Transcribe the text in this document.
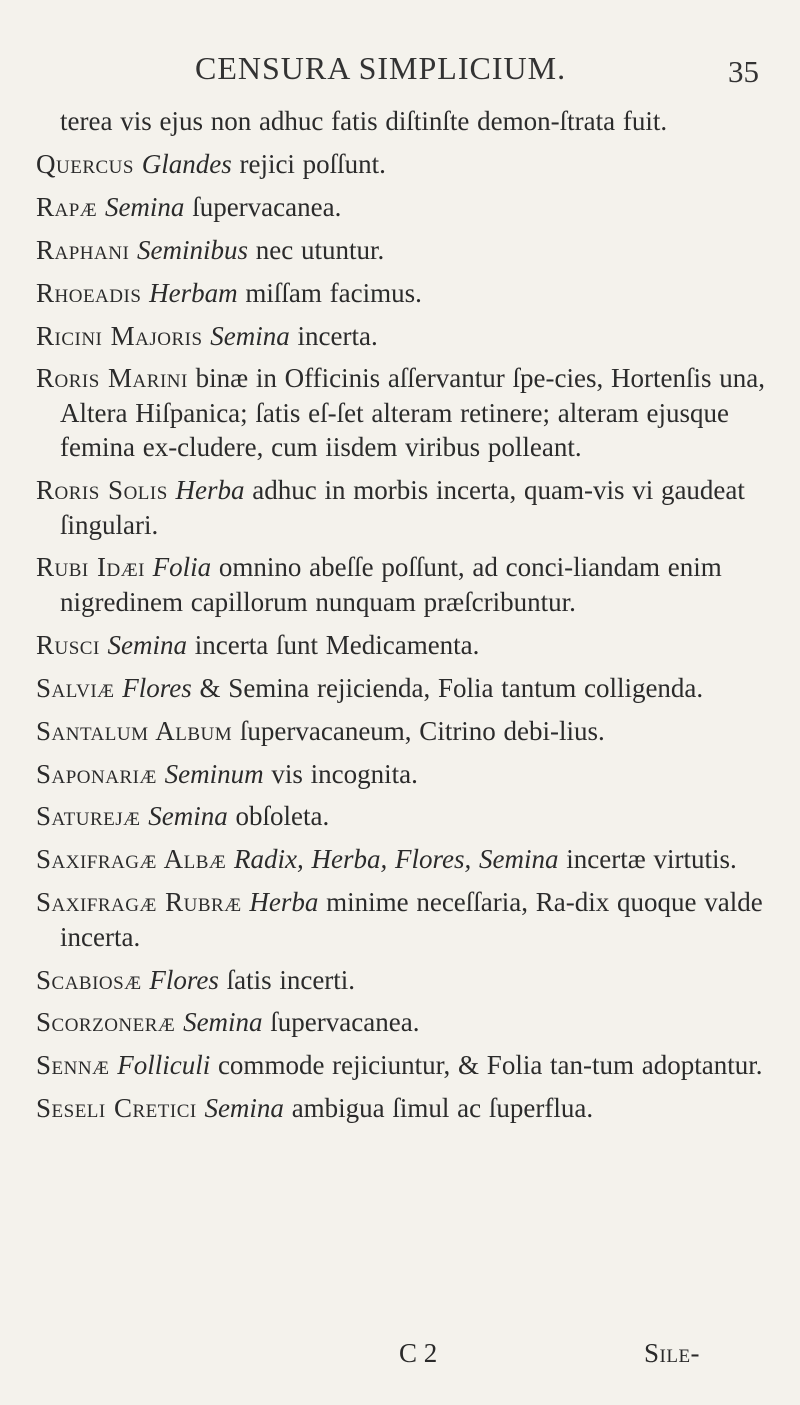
CENSURA SIMPLICIUM.	35
terea vis ejus non adhuc fatis diſtinſte demon-ſtrata fuit.
Quercus Glandes rejici poſſunt.
Rapæ Semina ſupervacanea.
Raphani Seminibus nec utuntur.
Rhoeadis Herbam miſſam facimus.
Ricini Majoris Semina incerta.
Roris Marini binæ in Officinis aſſervantur ſpe-cies, Hortenſis una, Altera Hiſpanica; ſatis eſ-ſet alteram retinere; alteram ejusque femina ex-cludere, cum iisdem viribus polleant.
Roris Solis Herba adhuc in morbis incerta, quam-vis vi gaudeat ſingulari.
Rubi Idæi Folia omnino abeſſe poſſunt, ad conci-liandam enim nigredinem capillorum nunquam præſcribuntur.
Rusci Semina incerta ſunt Medicamenta.
Salviæ Flores & Semina rejicienda, Folia tantum colligenda.
Santalum Album ſupervacaneum, Citrino debi-lius.
Saponariæ Seminum vis incognita.
Saturejæ Semina obſoleta.
Saxifragæ Albæ Radix, Herba, Flores, Semina incertæ virtutis.
Saxifragæ Rubræ Herba minime neceſſaria, Ra-dix quoque valde incerta.
Scabiosæ Flores ſatis incerti.
Scorzoneræ Semina ſupervacanea.
Sennæ Folliculi commode rejiciuntur, & Folia tan-tum adoptantur.
Seseli Cretici Semina ambigua ſimul ac ſuperflua.
C 2	Sile-
